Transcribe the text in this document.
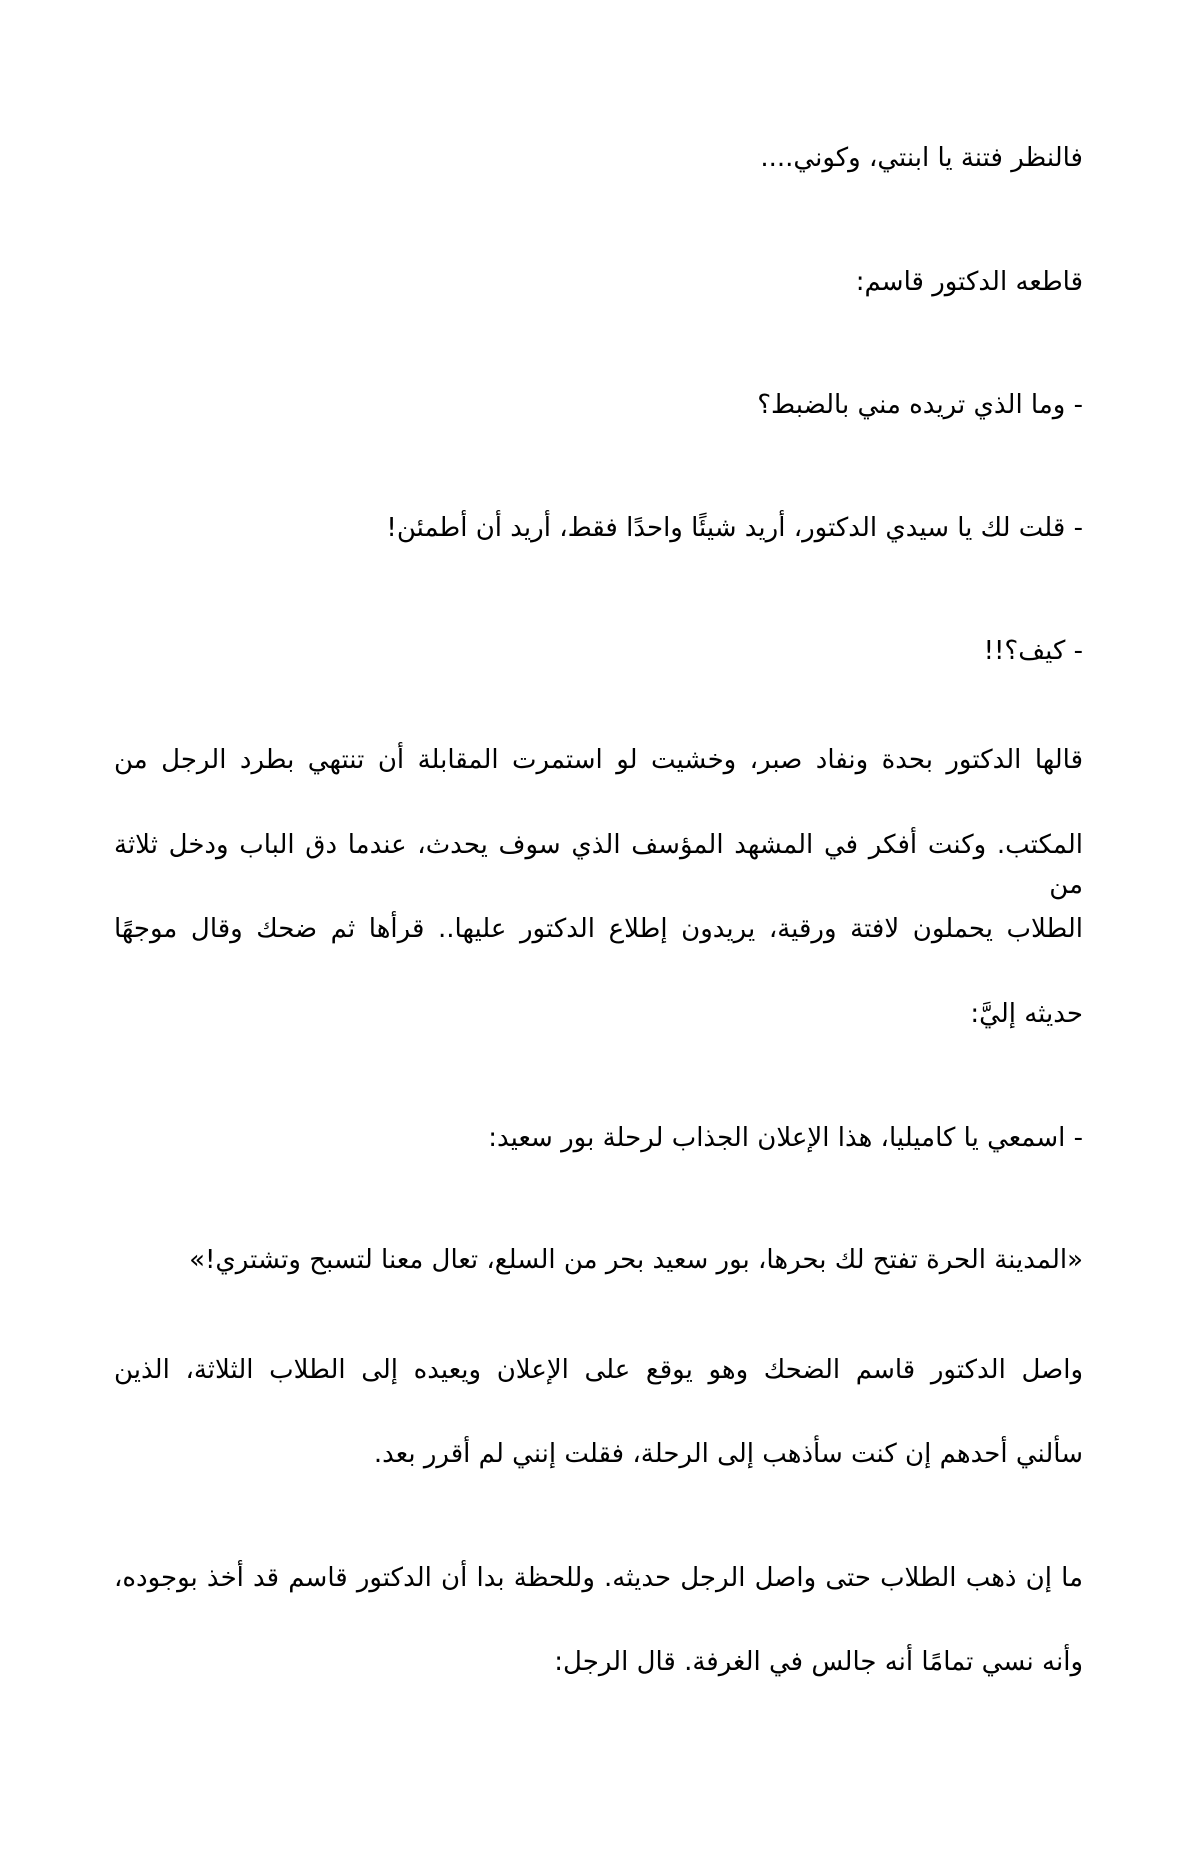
فالنظر فتنة يا ابنتي، وكوني....

قاطعه الدكتور قاسم:

- وما الذي تريده مني بالضبط؟

- قلت لك يا سيدي الدكتور، أريد شيئًا واحدًا فقط، أريد أن أطمئن!

- كيف؟!!

قالها الدكتور بحدة ونفاد صبر، وخشيت لو استمرت المقابلة أن تنتهي بطرد الرجل من

المكتب. وكنت أفكر في المشهد المؤسف الذي سوف يحدث، عندما دق الباب ودخل ثلاثة من

الطلاب يحملون لافتة ورقية، يريدون إطلاع الدكتور عليها.. قرأها ثم ضحك وقال موجهًا

حديثه إليَّ:

- اسمعي يا كاميليا، هذا الإعلان الجذاب لرحلة بور سعيد:

«المدينة الحرة تفتح لك بحرها، بور سعيد بحر من السلع، تعال معنا لتسبح وتشتري!»

واصل الدكتور قاسم الضحك وهو يوقع على الإعلان ويعيده إلى الطلاب الثلاثة، الذين

سألني أحدهم إن كنت سأذهب إلى الرحلة، فقلت إنني لم أقرر بعد.

ما إن ذهب الطلاب حتى واصل الرجل حديثه. وللحظة بدا أن الدكتور قاسم قد أخذ بوجوده،

وأنه نسي تمامًا أنه جالس في الغرفة. قال الرجل:
